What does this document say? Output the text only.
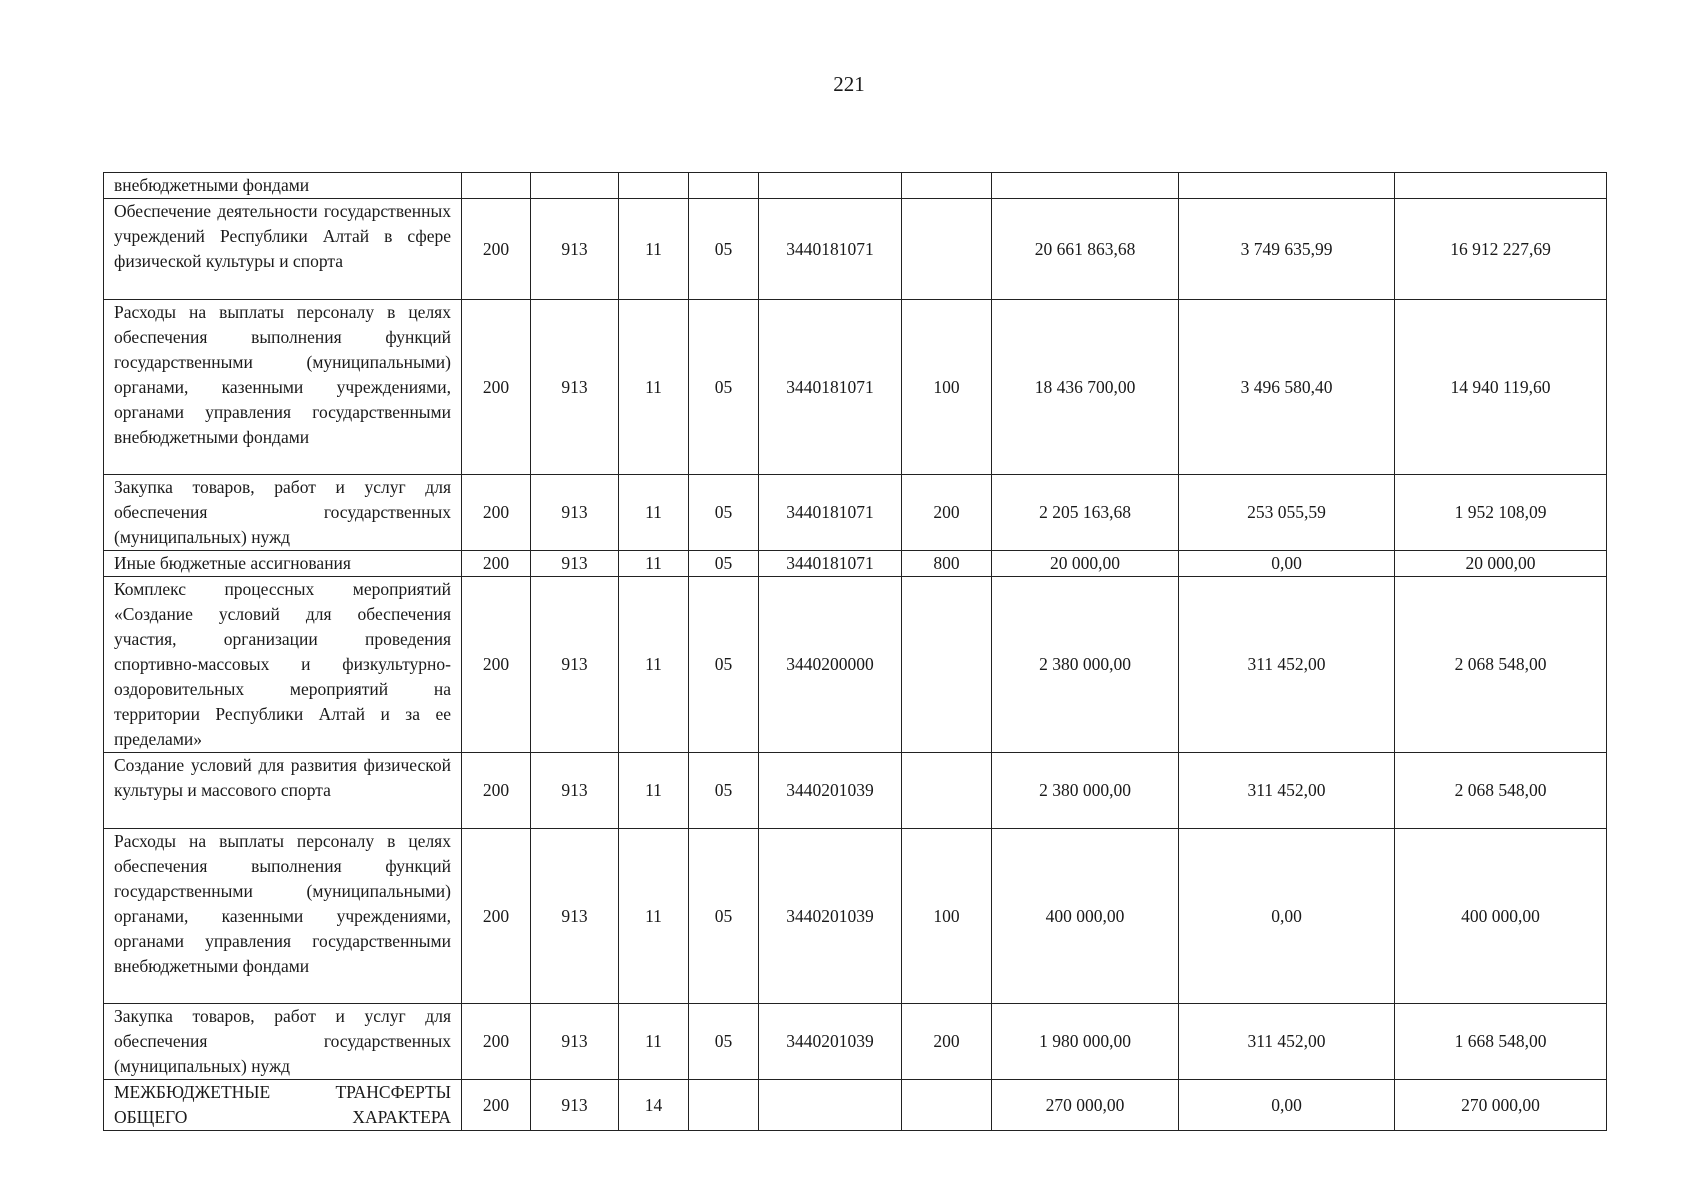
221
внебюджетными фондами									
Обеспечение деятельности государственных учреждений Республики Алтай в сфере физической культуры и спорта	200	913	11	05	3440181071		20 661 863,68	3 749 635,99	16 912 227,69
Расходы на выплаты персоналу в целях обеспечения выполнения функций государственными (муниципальными) органами, казенными учреждениями, органами управления государственными внебюджетными фондами	200	913	11	05	3440181071	100	18 436 700,00	3 496 580,40	14 940 119,60
Закупка товаров, работ и услуг для обеспечения государственных (муниципальных) нужд	200	913	11	05	3440181071	200	2 205 163,68	253 055,59	1 952 108,09
Иные бюджетные ассигнования	200	913	11	05	3440181071	800	20 000,00	0,00	20 000,00
Комплекс процессных мероприятий «Создание условий для обеспечения участия, организации проведения спортивно-массовых и физкультурно-оздоровительных мероприятий на территории Республики Алтай и за ее пределами»	200	913	11	05	3440200000		2 380 000,00	311 452,00	2 068 548,00
Создание условий для развития физической культуры и массового спорта	200	913	11	05	3440201039		2 380 000,00	311 452,00	2 068 548,00
Расходы на выплаты персоналу в целях обеспечения выполнения функций государственными (муниципальными) органами, казенными учреждениями, органами управления государственными внебюджетными фондами	200	913	11	05	3440201039	100	400 000,00	0,00	400 000,00
Закупка товаров, работ и услуг для обеспечения государственных (муниципальных) нужд	200	913	11	05	3440201039	200	1 980 000,00	311 452,00	1 668 548,00
МЕЖБЮДЖЕТНЫЕ ТРАНСФЕРТЫ ОБЩЕГО ХАРАКТЕРА	200	913	14				270 000,00	0,00	270 000,00
